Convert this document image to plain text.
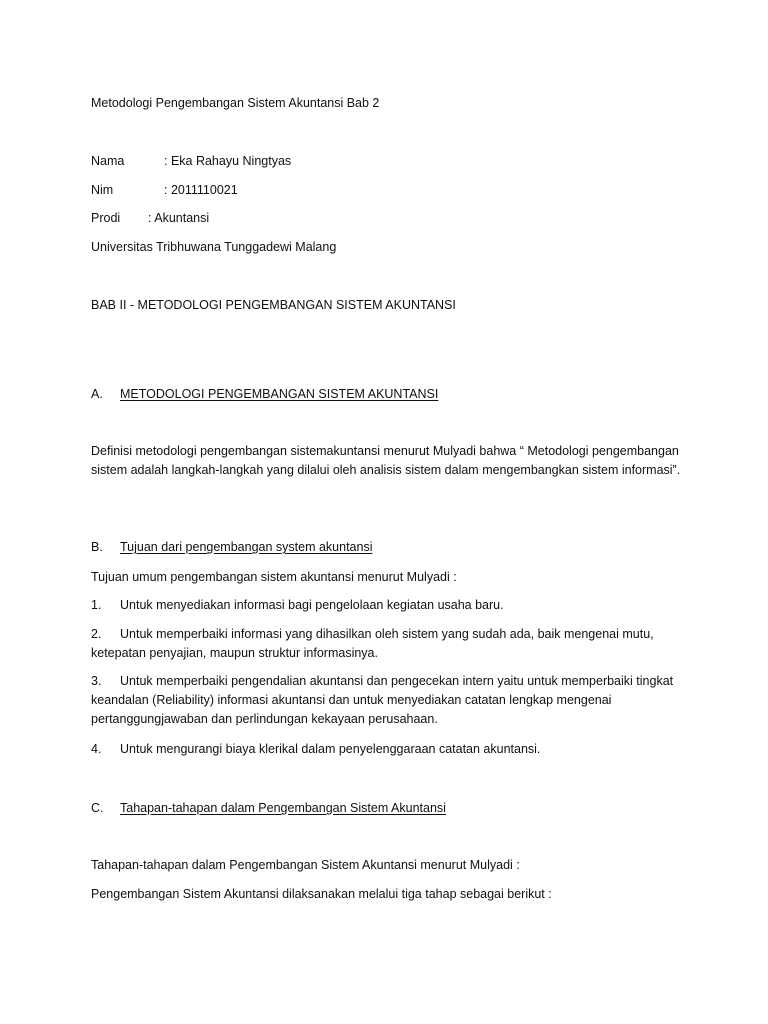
Metodologi Pengembangan Sistem Akuntansi Bab 2
Nama	: Eka Rahayu Ningtyas
Nim	: 2011110021
Prodi : Akuntansi
Universitas Tribhuwana Tunggadewi Malang
BAB II - METODOLOGI PENGEMBANGAN SISTEM AKUNTANSI
A. METODOLOGI PENGEMBANGAN SISTEM AKUNTANSI
Definisi metodologi pengembangan sistemakuntansi menurut Mulyadi bahwa “ Metodologi pengembangan sistem adalah langkah-langkah yang dilalui oleh analisis sistem dalam mengembangkan sistem informasi”.
B. Tujuan dari pengembangan system akuntansi
Tujuan umum pengembangan sistem akuntansi menurut Mulyadi :
1. Untuk menyediakan informasi bagi pengelolaan kegiatan usaha baru.
2. Untuk memperbaiki informasi yang dihasilkan oleh sistem yang sudah ada, baik mengenai mutu, ketepatan penyajian, maupun struktur informasinya.
3. Untuk memperbaiki pengendalian akuntansi dan pengecekan intern yaitu untuk memperbaiki tingkat keandalan (Reliability) informasi akuntansi dan untuk menyediakan catatan lengkap mengenai pertanggungjawaban dan perlindungan kekayaan perusahaan.
4. Untuk mengurangi biaya klerikal dalam penyelenggaraan catatan akuntansi.
C. Tahapan-tahapan dalam Pengembangan Sistem Akuntansi
Tahapan-tahapan dalam Pengembangan Sistem Akuntansi menurut Mulyadi :
Pengembangan Sistem Akuntansi dilaksanakan melalui tiga tahap sebagai berikut :
